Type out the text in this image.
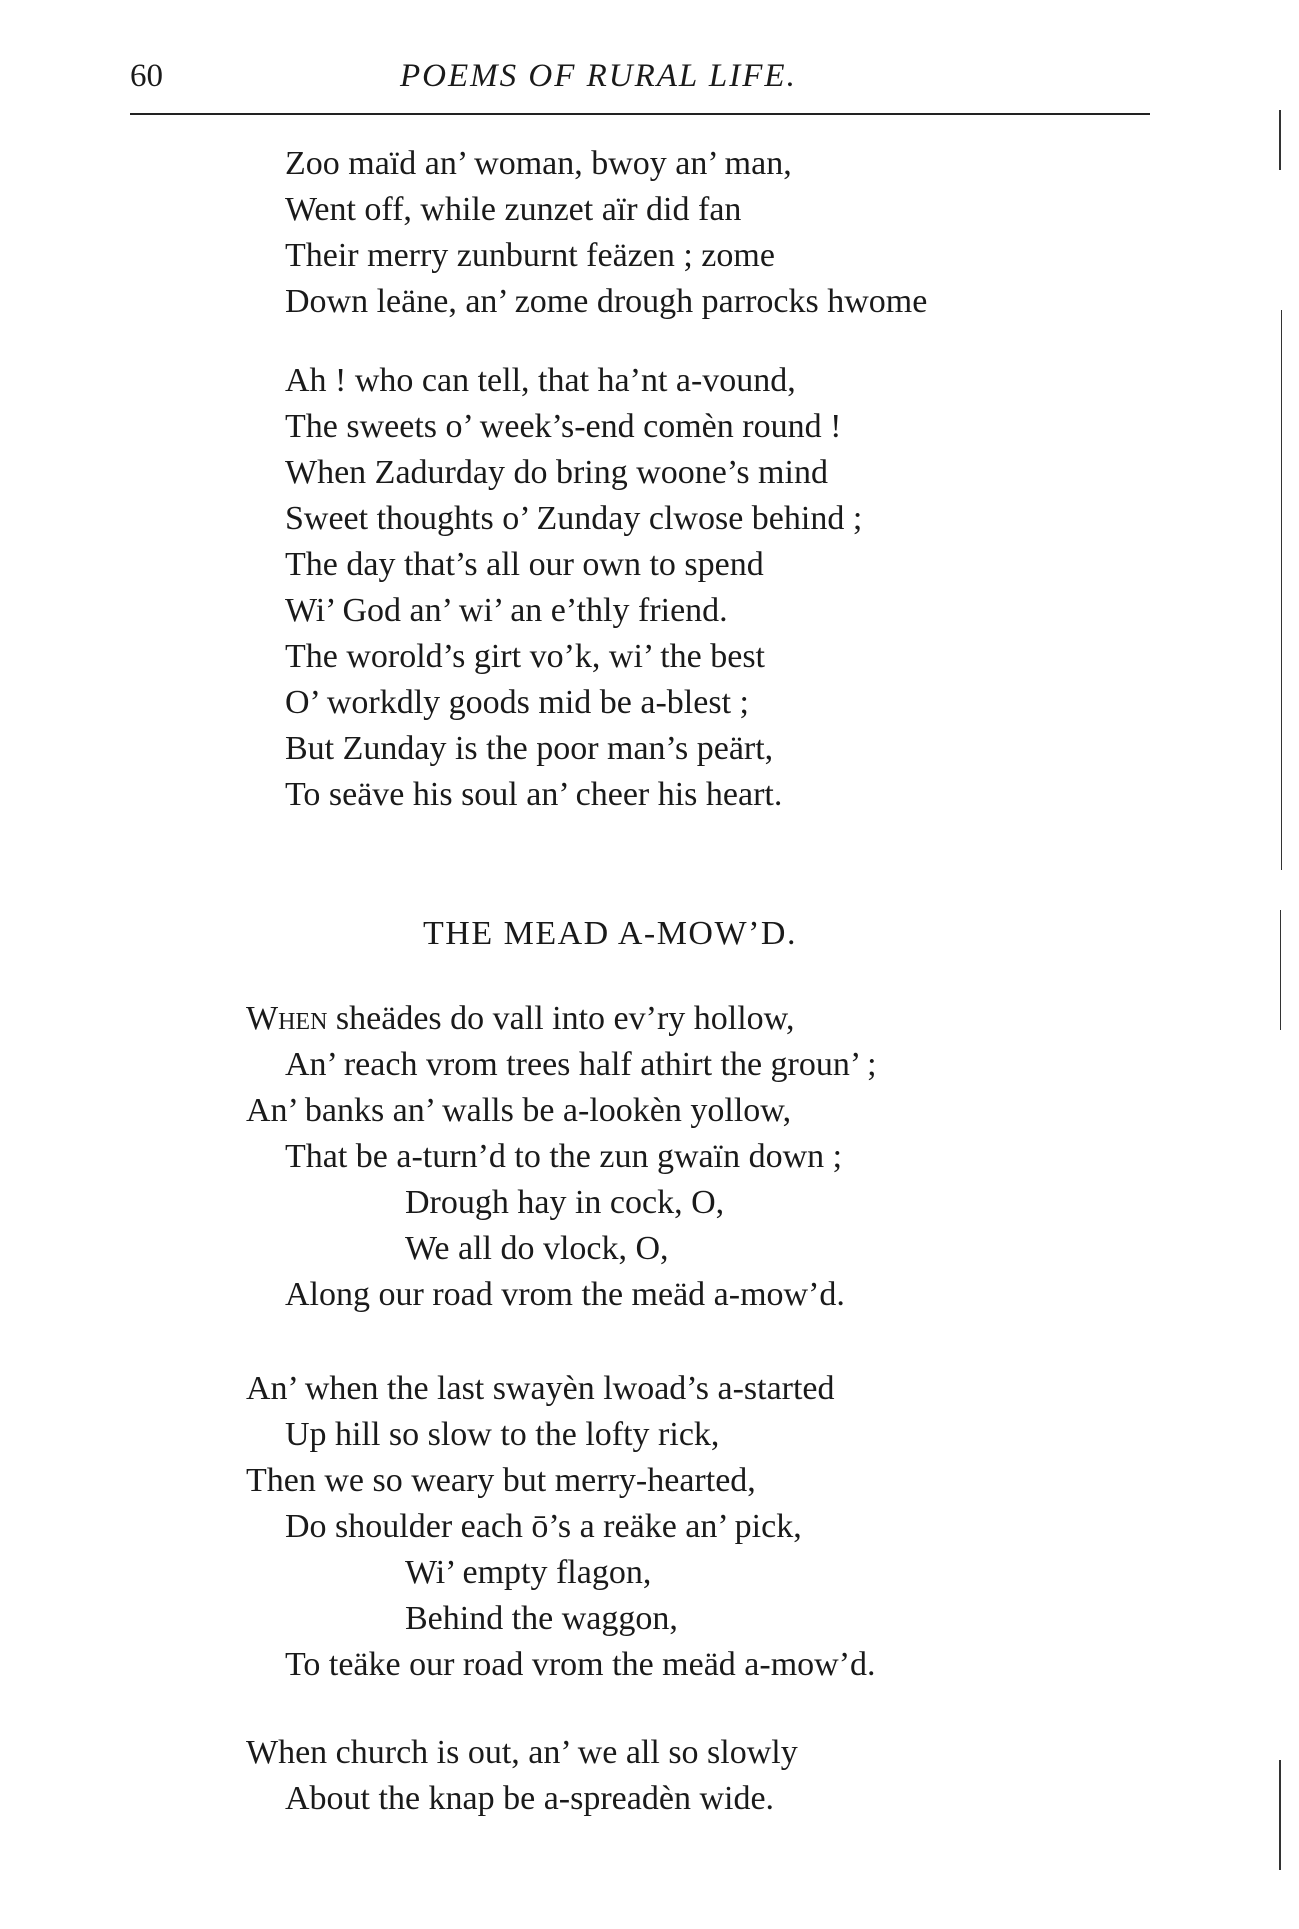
60	POEMS OF RURAL LIFE.
Zoo maïd an’ woman, bwoy an’ man,
Went off, while zunzet aïr did fan
Their merry zunburnt feäzen ; zome
Down leäne, an’ zome drough parrocks hwome
Ah ! who can tell, that ha’nt a-vound,
The sweets o’ week’s-end comèn round !
When Zadurday do bring woone’s mind
Sweet thoughts o’ Zunday clwose behind ;
The day that’s all our own to spend
Wi’ God an’ wi’ an e’thly friend.
The worold’s girt vo’k, wi’ the best
O’ workdly goods mid be a-blest ;
But Zunday is the poor man’s peärt,
To seäve his soul an’ cheer his heart.
THE MEAD A-MOW’D.
When sheädes do vall into ev’ry hollow,
An’ reach vrom trees half athirt the groun’ ;
An’ banks an’ walls be a-lookèn yollow,
That be a-turn’d to the zun gwaïn down ;
Drough hay in cock, O,
We all do vlock, O,
Along our road vrom the meäd a-mow’d.
An’ when the last swayèn lwoad’s a-started
Up hill so slow to the lofty rick,
Then we so weary but merry-hearted,
Do shoulder each ō’s a reäke an’ pick,
Wi’ empty flagon,
Behind the waggon,
To teäke our road vrom the meäd a-mow’d.
When church is out, an’ we all so slowly
About the knap be a-spreadèn wide.
